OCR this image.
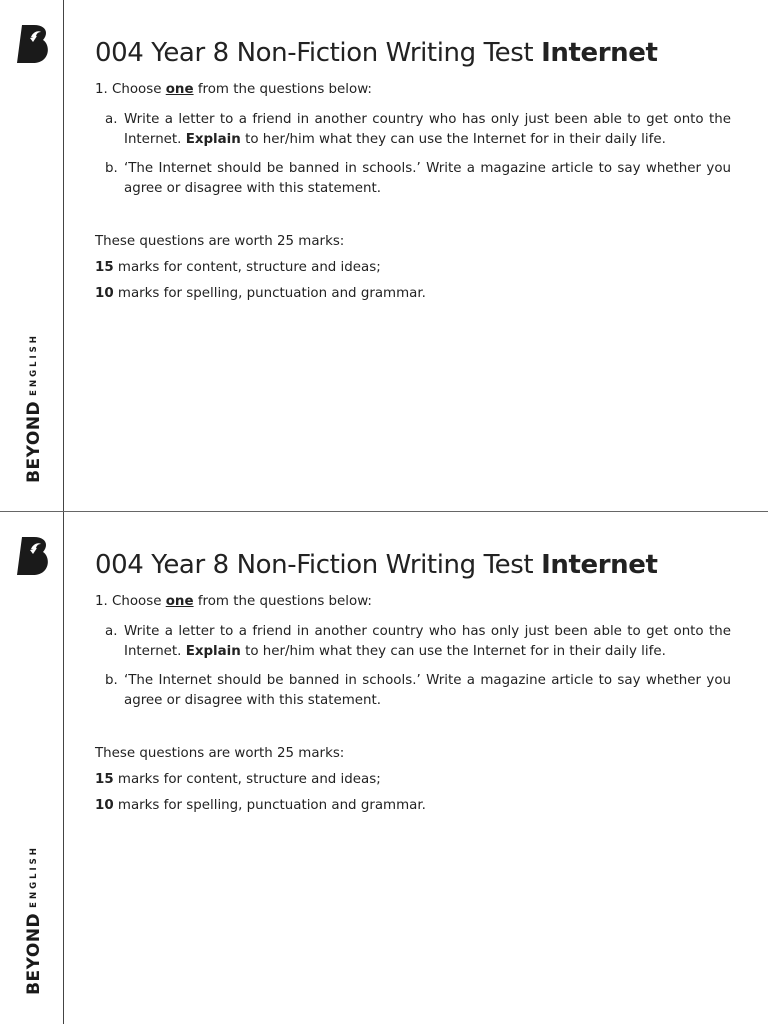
BEYOND
ENGLISH
004 Year 8 Non-Fiction Writing Test Internet
1. Choose one from the questions below:
a. Write a letter to a friend in another country who has only just been able to get onto the Internet. Explain to her/him what they can use the Internet for in their daily life.
b. ‘The Internet should be banned in schools.’ Write a magazine article to say whether you agree or disagree with this statement.
These questions are worth 25 marks:
15 marks for content, structure and ideas;
10 marks for spelling, punctuation and grammar.
BEYOND
ENGLISH
004 Year 8 Non-Fiction Writing Test Internet
1. Choose one from the questions below:
a. Write a letter to a friend in another country who has only just been able to get onto the Internet. Explain to her/him what they can use the Internet for in their daily life.
b. ‘The Internet should be banned in schools.’ Write a magazine article to say whether you agree or disagree with this statement.
These questions are worth 25 marks:
15 marks for content, structure and ideas;
10 marks for spelling, punctuation and grammar.
